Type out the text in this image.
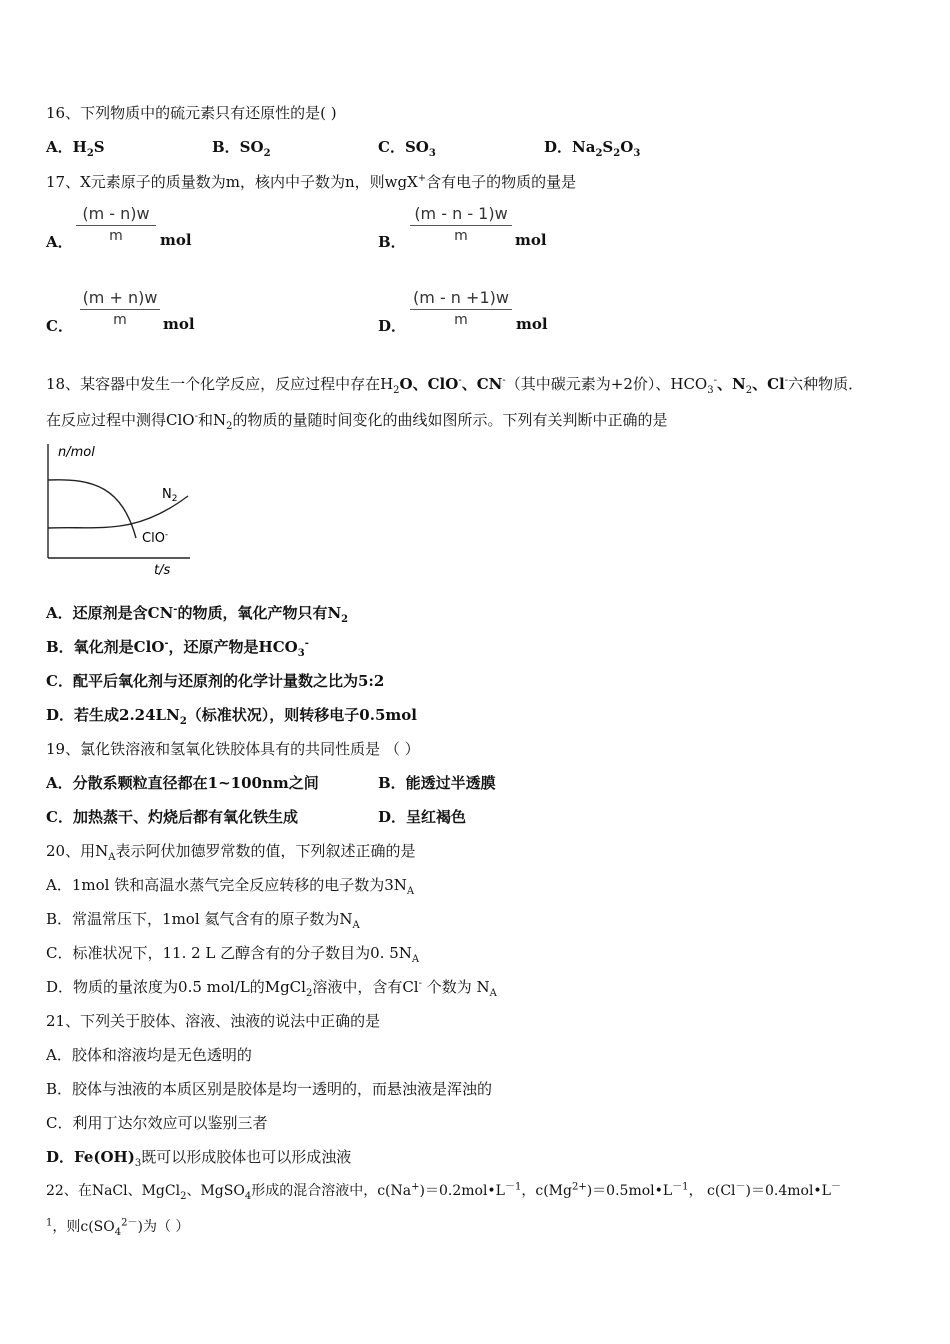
16、下列物质中的硫元素只有还原性的是( )
A．$H_2S$	B．$SO_2$	C．$SO_3$	D．$Na_2S_2O_3$
17、X元素原子的质量数为m，核内中子数为n，则wgX+含有电子的物质的量是
A． $\frac{(m - n)w}{m}$ mol	B． $\frac{(m - n - 1)w}{m}$ mol
C． $\frac{(m + n)w}{m}$ mol	D． $\frac{(m - n +1)w}{m}$ mol
18、某容器中发生一个化学反应，反应过程中存在$H_2O$、ClO-、CN-（其中碳元素为+2价）、$HCO_3^-$、$N_2$、Cl-六种物质．
在反应过程中测得ClO-和$N_2$的物质的量随时间变化的曲线如图所示。下列有关判断中正确的是
n/mol
t/s
$N_2$
ClO-
A．还原剂是含CN-的物质，氧化产物只有$N_2$
B．氧化剂是ClO-，还原产物是$HCO_3^-$
C．配平后氧化剂与还原剂的化学计量数之比为5:2
D．若生成$2.24LN_2$（标准状况），则转移电子0.5mol
19、氯化铁溶液和氢氧化铁胶体具有的共同性质是 （ ）
A．分散系颗粒直径都在1~100nm之间	B．能透过半透膜
C．加热蒸干、灼烧后都有氧化铁生成	D．呈红褐色
20、用$N_A$表示阿伏加德罗常数的值，下列叙述正确的是
A．1mol 铁和高温水蒸气完全反应转移的电子数为$3N_A$
B．常温常压下，1mol 氦气含有的原子数为$N_A$
C．标准状况下，11. 2 L 乙醇含有的分子数目为0. $5N_A$
D．物质的量浓度为0.5 mol/L的MgCl$_2$溶液中，含有Cl- 个数为 $N_A$
21、下列关于胶体、溶液、浊液的说法中正确的是
A．胶体和溶液均是无色透明的
B．胶体与浊液的本质区别是胶体是均一透明的，而悬浊液是浑浊的
C．利用丁达尔效应可以鉴别三者
D．$Fe(OH)_3$既可以形成胶体也可以形成浊液
22、在NaCl、MgCl$_2$、MgSO$_4$形成的混合溶液中，$c(Na^+)=0.2mol•L^{-1}$，$c(Mg^{2+})=0.5mol•L^{-1}$， c(Cl－)＝0.4mol•L－
$^1$，则$c(SO_4^{2-})$为（ ）
